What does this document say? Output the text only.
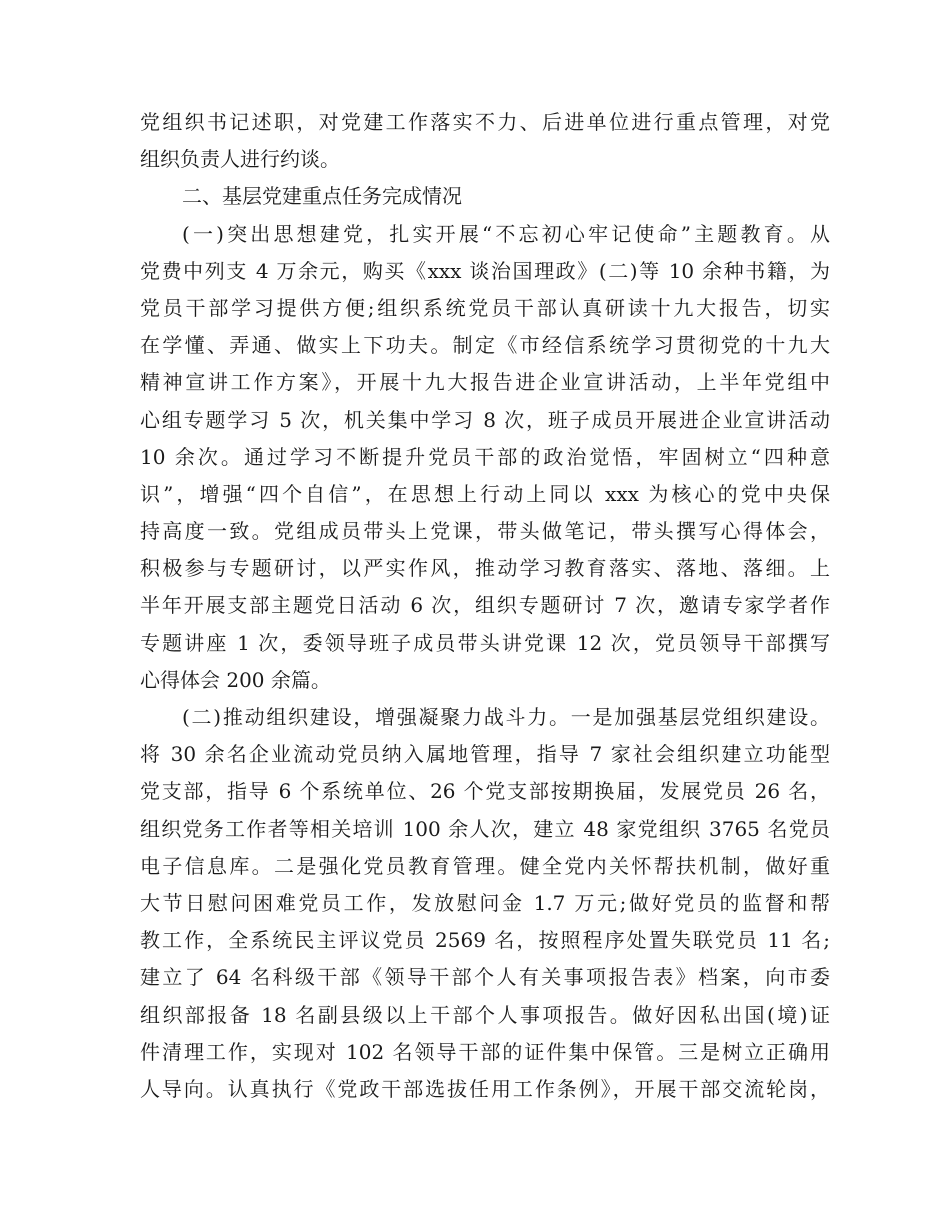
党组织书记述职，对党建工作落实不力、后进单位进行重点管理，对党
组织负责人进行约谈。
二、基层党建重点任务完成情况
(一)突出思想建党，扎实开展“不忘初心牢记使命”主题教育。从
党费中列支 4 万余元，购买《xxx 谈治国理政》(二)等 10 余种书籍，为
党员干部学习提供方便;组织系统党员干部认真研读十九大报告，切实
在学懂、弄通、做实上下功夫。制定《市经信系统学习贯彻党的十九大
精神宣讲工作方案》，开展十九大报告进企业宣讲活动，上半年党组中
心组专题学习 5 次，机关集中学习 8 次，班子成员开展进企业宣讲活动
10 余次。通过学习不断提升党员干部的政治觉悟，牢固树立“四种意
识”，增强“四个自信”，在思想上行动上同以 xxx 为核心的党中央保
持高度一致。党组成员带头上党课，带头做笔记，带头撰写心得体会，
积极参与专题研讨，以严实作风，推动学习教育落实、落地、落细。上
半年开展支部主题党日活动 6 次，组织专题研讨 7 次，邀请专家学者作
专题讲座 1 次，委领导班子成员带头讲党课 12 次，党员领导干部撰写
心得体会 200 余篇。
(二)推动组织建设，增强凝聚力战斗力。一是加强基层党组织建设。
将 30 余名企业流动党员纳入属地管理，指导 7 家社会组织建立功能型
党支部，指导 6 个系统单位、26 个党支部按期换届，发展党员 26 名，
组织党务工作者等相关培训 100 余人次，建立 48 家党组织 3765 名党员
电子信息库。二是强化党员教育管理。健全党内关怀帮扶机制，做好重
大节日慰问困难党员工作，发放慰问金 1.7 万元;做好党员的监督和帮
教工作，全系统民主评议党员 2569 名，按照程序处置失联党员 11 名;
建立了 64 名科级干部《领导干部个人有关事项报告表》档案，向市委
组织部报备 18 名副县级以上干部个人事项报告。做好因私出国(境)证
件清理工作，实现对 102 名领导干部的证件集中保管。三是树立正确用
人导向。认真执行《党政干部选拔任用工作条例》，开展干部交流轮岗，
